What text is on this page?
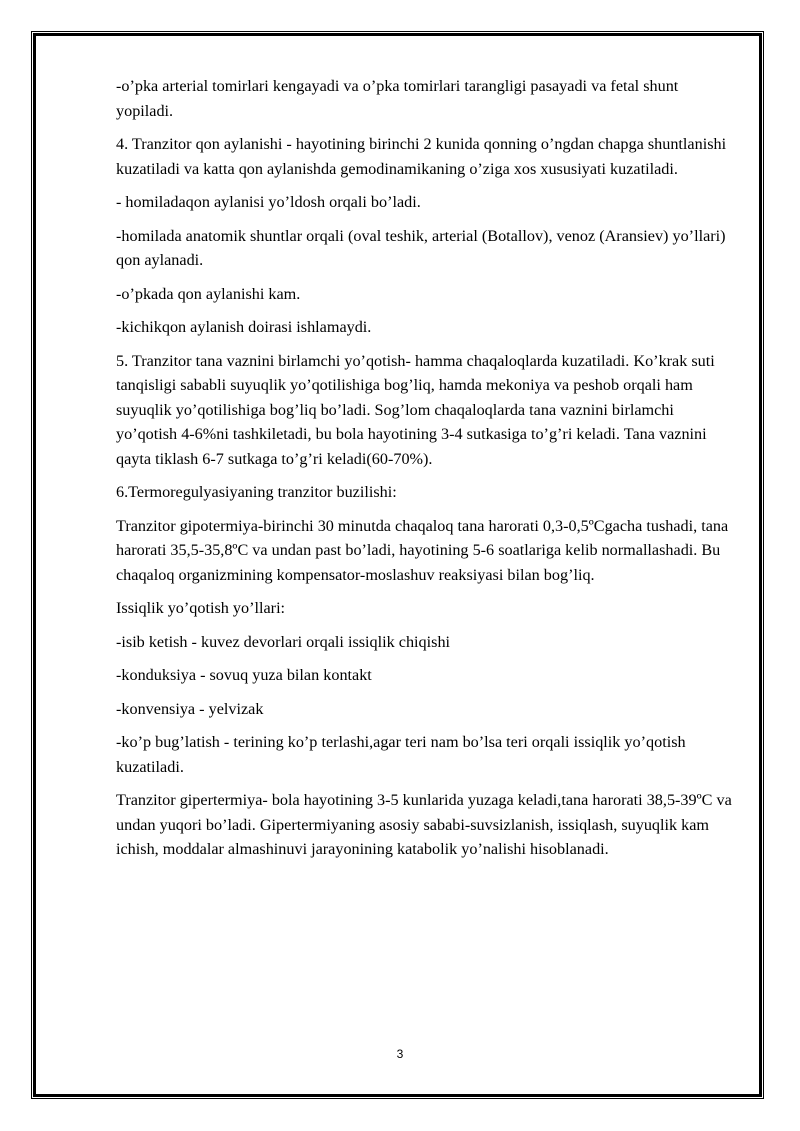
-o’pka arterial tomirlari kengayadi va o’pka tomirlari tarangligi pasayadi va fetal shunt yopiladi.

4. Tranzitor qon aylanishi - hayotining birinchi 2 kunida qonning o’ngdan chapga shuntlanishi kuzatiladi va katta qon aylanishda gemodinamikaning o’ziga xos xususiyati kuzatiladi.

- homiladaqon aylanisi yo’ldosh orqali bo’ladi.

-homilada anatomik shuntlar orqali (oval teshik, arterial (Botallov), venoz (Aransiev) yo’llari) qon aylanadi.

-o’pkada qon aylanishi kam.

-kichikqon aylanish doirasi ishlamaydi.

5. Tranzitor tana vaznini birlamchi yo’qotish- hamma chaqaloqlarda kuzatiladi. Ko’krak suti tanqisligi sababli suyuqlik yo’qotilishiga bog’liq, hamda mekoniya va peshob orqali ham suyuqlik yo’qotilishiga bog’liq bo’ladi. Sog’lom chaqaloqlarda tana vaznini birlamchi yo’qotish 4-6%ni tashkiletadi, bu bola hayotining 3-4 sutkasiga to’g’ri keladi. Tana vaznini qayta tiklash 6-7 sutkaga to’g’ri keladi(60-70%).

6.Termoregulyasiyaning tranzitor buzilishi:

Tranzitor gipotermiya-birinchi 30 minutda chaqaloq tana harorati 0,3-0,5ºCgacha tushadi, tana harorati 35,5-35,8ºC va undan past bo’ladi, hayotining 5-6 soatlariga kelib normallashadi. Bu chaqaloq organizmining kompensator-moslashuv reaksiyasi bilan bog’liq.

Issiqlik yo’qotish yo’llari:

-isib ketish - kuvez devorlari orqali issiqlik chiqishi

-konduksiya - sovuq yuza bilan kontakt

-konvensiya - yelvizak

-ko’p bug’latish - terining ko’p terlashi,agar teri nam bo’lsa teri orqali issiqlik yo’qotish kuzatiladi.

Tranzitor gipertermiya- bola hayotining 3-5 kunlarida yuzaga keladi,tana harorati 38,5-39ºC va undan yuqori bo’ladi. Gipertermiyaning asosiy sababi-suvsizlanish, issiqlash, suyuqlik kam ichish, moddalar almashinuvi jarayonining katabolik yo’nalishi hisoblanadi.

3
